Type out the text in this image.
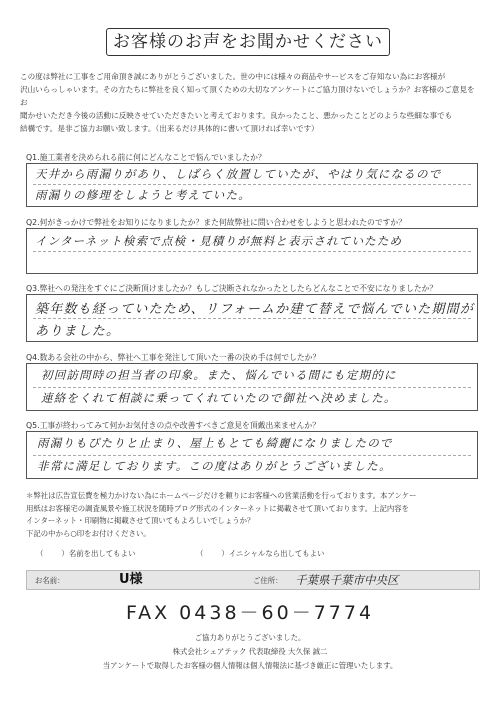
お客様のお声をお聞かせください
この度は弊社に工事をご用命頂き誠にありがとうございました。世の中には様々の商品やサービスをご存知ない為にお客様が
沢山いらっしゃいます。その方たちに弊社を良く知って頂くための大切なアンケートにご協力頂けないでしょうか？お客様のご意見をお
聞かせいただき今後の活動に反映させていただきたいと考えております。良かったこと、悪かったことどのような些細な事でも
結構です。是非ご協力お願い致します。（出来るだけ具体的に書いて頂ければ幸いです）
Q1.施工業者を決められる前に何にどんなことで悩んでいましたか？
天井から雨漏りがあり、しばらく放置していたが、やはり気になるので
雨漏りの修理をしようと考えていた。
Q2.何がきっかけで弊社をお知りになりましたか？また何故弊社に問い合わせをしようと思われたのですか？
インターネット検索で点検・見積りが無料と表示されていたため
Q3.弊社への発注をすぐにご決断頂けましたか？もしご決断されなかったとしたらどんなことで不安になりましたか？
築年数も経っていたため、リフォームか建て替えで悩んでいた期間が
ありました。
Q4.数ある会社の中から、弊社へ工事を発注して頂いた一番の決め手は何でしたか？
初回訪問時の担当者の印象。また、悩んでいる間にも定期的に
連絡をくれて相談に乗ってくれていたので御社へ決めました。
Q5.工事が終わってみて何かお気付きの点や改善すべきご意見を頂戴出来ませんか？
雨漏りもぴたりと止まり、屋上もとても綺麗になりましたので
非常に満足しております。この度はありがとうございました。
＊弊社は広告宣伝費を極力かけない為にホームページだけを頼りにお客様への営業活動を行っております。本アンケー
用紙はお客様宅の調査風景や施工状況を随時ブログ形式のインターネットに掲載させて頂いております。上記内容を
インターネット・印刷物に掲載させて頂いてもよろしいでしょうか？
下記の中から○印をお付けください。
（ ）名前を出してもよい	（ ）イニシャルなら出してもよい
お名前：	U様	ご住所： 千葉県千葉市中央区
FAX 0438－60－7774
ご協力ありがとうございました。
株式会社シェアテック 代表取締役 大久保 誠二
当アンケートで取得したお客様の個人情報は個人情報法に基づき厳正に管理いたします。
